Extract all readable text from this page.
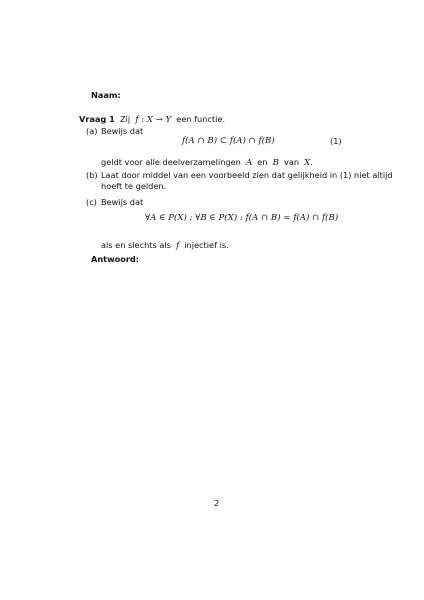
Naam:
Vraag 1 Zij f : X → Y een functie.
(a) Bewijs dat
f(A ∩ B) ⊂ f(A) ∩ f(B)	(1)
geldt voor alle deelverzamelingen A en B van X.
(b) Laat door middel van een voorbeeld zien dat gelijkheid in (1) niet altijd
hoeft te gelden.
(c) Bewijs dat
∀A ∈ P(X) : ∀B ∈ P(X) : f(A ∩ B) = f(A) ∩ f(B)
als en slechts als f injectief is.
Antwoord:
2
